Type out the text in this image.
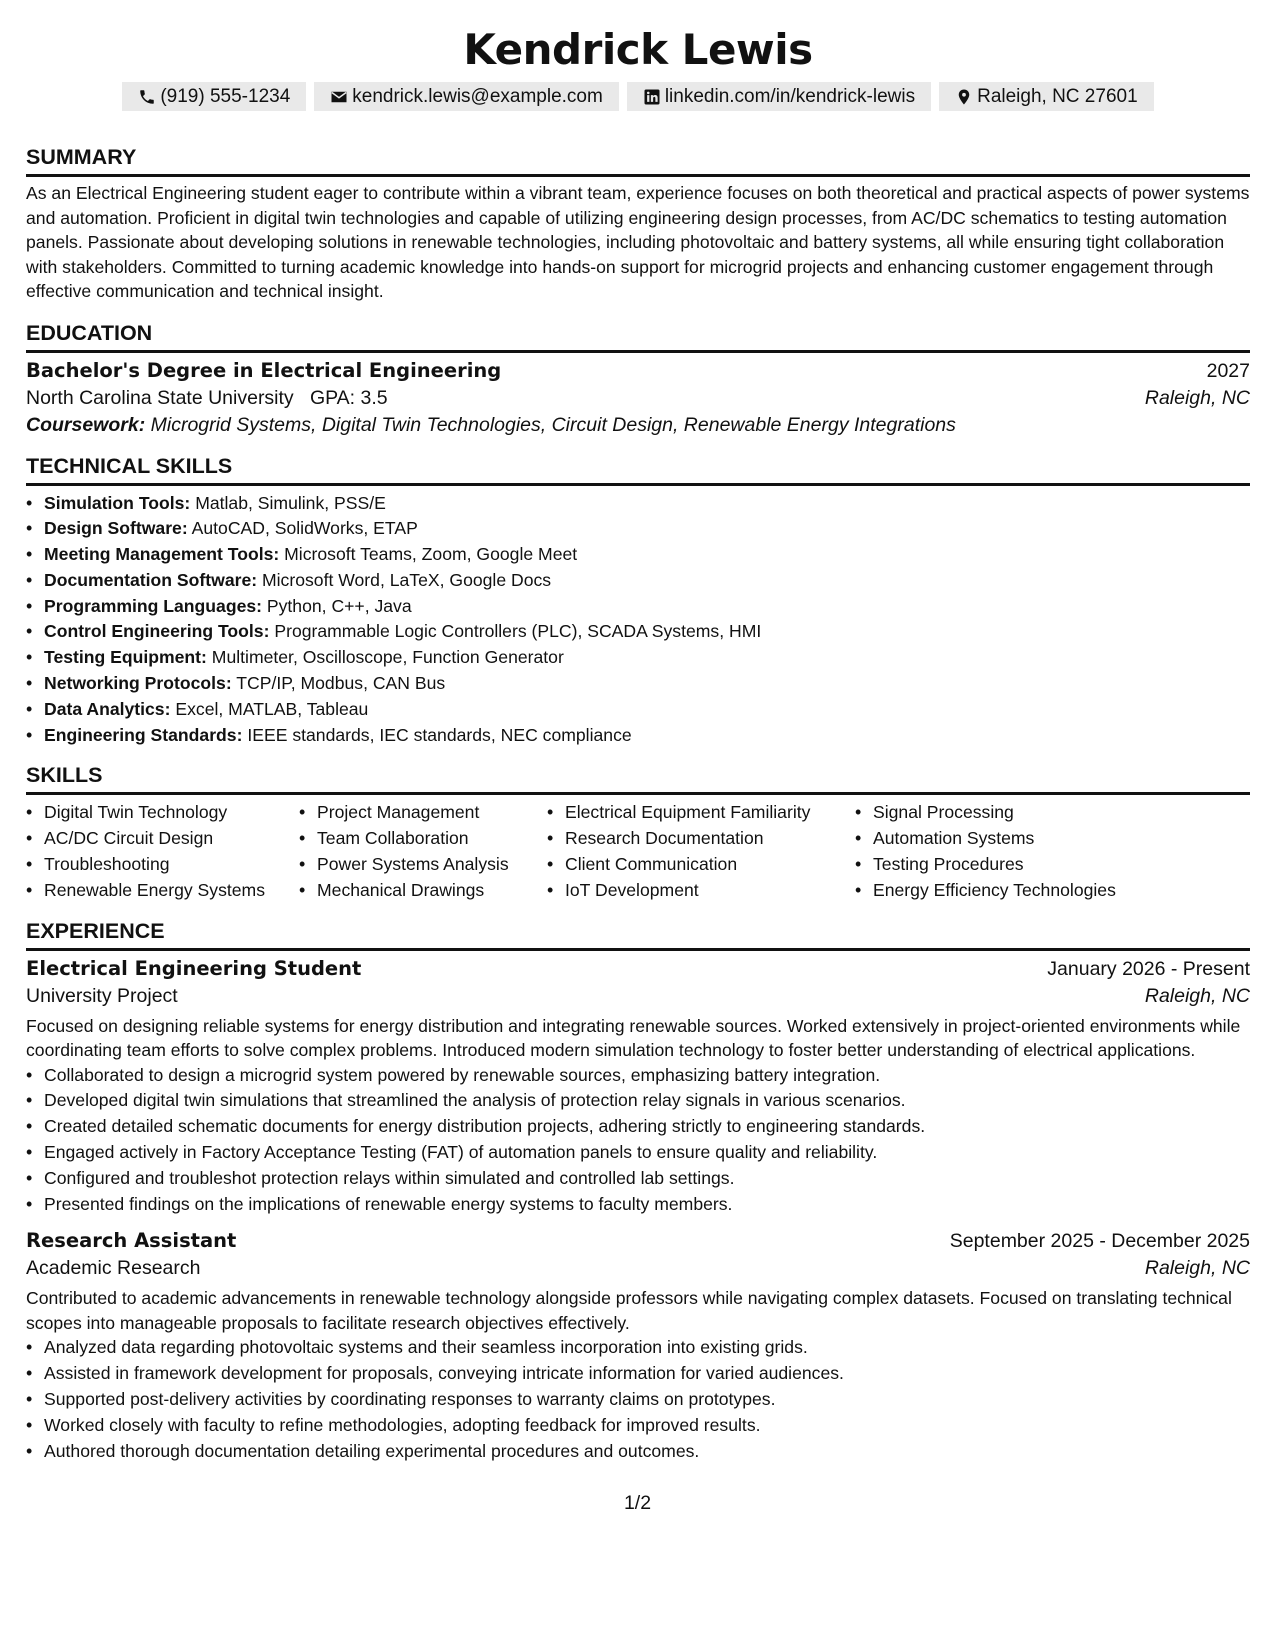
Kendrick Lewis
(919) 555-1234	kendrick.lewis@example.com	linkedin.com/in/kendrick-lewis	Raleigh, NC 27601
SUMMARY

As an Electrical Engineering student eager to contribute within a vibrant team, experience focuses on both theoretical and practical aspects of power systems and automation. Proficient in digital twin technologies and capable of utilizing engineering design processes, from AC/DC schematics to testing automation panels. Passionate about developing solutions in renewable technologies, including photovoltaic and battery systems, all while ensuring tight collaboration with stakeholders. Committed to turning academic knowledge into hands-on support for microgrid projects and enhancing customer engagement through effective communication and technical insight.

EDUCATION
Bachelor's Degree in Electrical Engineering	2027
North Carolina State University GPA: 3.5	Raleigh, NC
Coursework: Microgrid Systems, Digital Twin Technologies, Circuit Design, Renewable Energy Integrations
TECHNICAL SKILLS
• Simulation Tools: Matlab, Simulink, PSS/E
• Design Software: AutoCAD, SolidWorks, ETAP
• Meeting Management Tools: Microsoft Teams, Zoom, Google Meet
• Documentation Software: Microsoft Word, LaTeX, Google Docs
• Programming Languages: Python, C++, Java
• Control Engineering Tools: Programmable Logic Controllers (PLC), SCADA Systems, HMI
• Testing Equipment: Multimeter, Oscilloscope, Function Generator
• Networking Protocols: TCP/IP, Modbus, CAN Bus
• Data Analytics: Excel, MATLAB, Tableau
• Engineering Standards: IEEE standards, IEC standards, NEC compliance
SKILLS
• Digital Twin Technology
• AC/DC Circuit Design
• Troubleshooting
• Renewable Energy Systems
• Project Management
• Team Collaboration
• Power Systems Analysis
• Mechanical Drawings
• Electrical Equipment Familiarity
• Research Documentation
• Client Communication
• IoT Development
• Signal Processing
• Automation Systems
• Testing Procedures
• Energy Efficiency Technologies
EXPERIENCE
Electrical Engineering Student	January 2026 - Present
University Project	Raleigh, NC

Focused on designing reliable systems for energy distribution and integrating renewable sources. Worked extensively in project-oriented environments while coordinating team efforts to solve complex problems. Introduced modern simulation technology to foster better understanding of electrical applications.

• Collaborated to design a microgrid system powered by renewable sources, emphasizing battery integration.
• Developed digital twin simulations that streamlined the analysis of protection relay signals in various scenarios.
• Created detailed schematic documents for energy distribution projects, adhering strictly to engineering standards.
• Engaged actively in Factory Acceptance Testing (FAT) of automation panels to ensure quality and reliability.
• Configured and troubleshot protection relays within simulated and controlled lab settings.
• Presented findings on the implications of renewable energy systems to faculty members.
Research Assistant	September 2025 - December 2025
Academic Research	Raleigh, NC

Contributed to academic advancements in renewable technology alongside professors while navigating complex datasets. Focused on translating technical scopes into manageable proposals to facilitate research objectives effectively.

• Analyzed data regarding photovoltaic systems and their seamless incorporation into existing grids.
• Assisted in framework development for proposals, conveying intricate information for varied audiences.
• Supported post-delivery activities by coordinating responses to warranty claims on prototypes.
• Worked closely with faculty to refine methodologies, adopting feedback for improved results.
• Authored thorough documentation detailing experimental procedures and outcomes.
1/2
